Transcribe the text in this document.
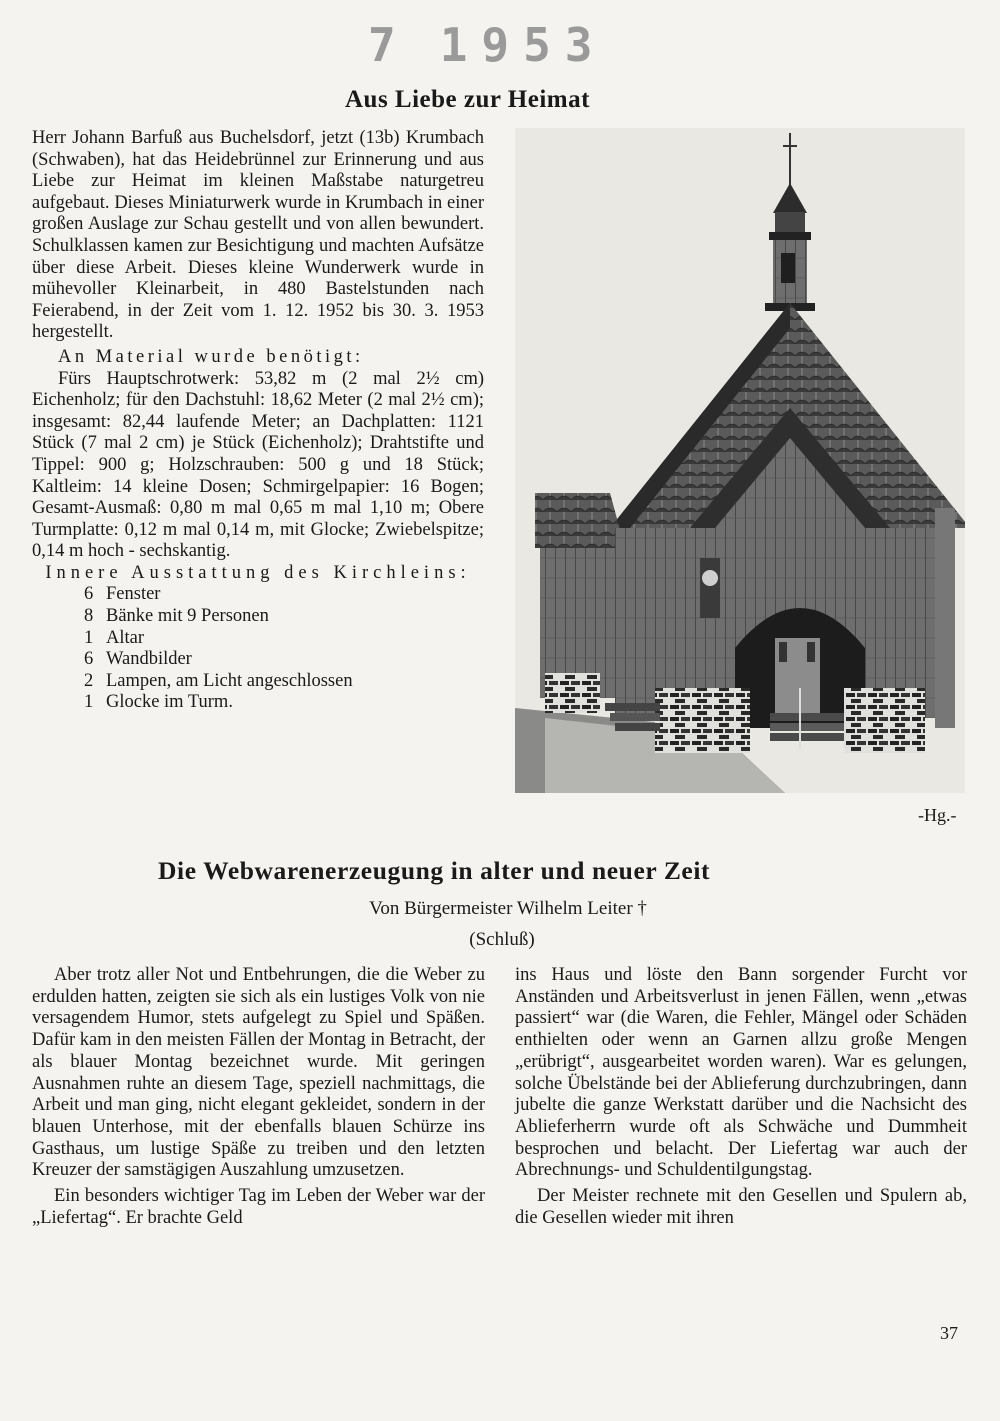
7 1953
Aus Liebe zur Heimat

Herr Johann Barfuß aus Buchelsdorf, jetzt (13b) Krumbach (Schwaben), hat das Heidebrünnel zur Erinnerung und aus Liebe zur Heimat im kleinen Maßstabe naturgetreu aufgebaut. Dieses Miniaturwerk wurde in Krumbach in einer großen Auslage zur Schau gestellt und von allen bewundert. Schulklassen kamen zur Besichtigung und machten Aufsätze über diese Arbeit. Dieses kleine Wunderwerk wurde in mühevoller Kleinarbeit, in 480 Bastelstunden nach Feierabend, in der Zeit vom 1. 12. 1952 bis 30. 3. 1953 hergestellt.

An Material wurde benötigt:

Fürs Hauptschrotwerk: 53,82 m (2 mal 2½ cm) Eichenholz; für den Dachstuhl: 18,62 Meter (2 mal 2½ cm); insgesamt: 82,44 laufende Meter; an Dachplatten: 1121 Stück (7 mal 2 cm) je Stück (Eichenholz); Drahtstifte und Tippel: 900 g; Holzschrauben: 500 g und 18 Stück; Kaltleim: 14 kleine Dosen; Schmirgelpapier: 16 Bogen; Gesamt-Ausmaß: 0,80 m mal 0,65 m mal 1,10 m; Obere Turmplatte: 0,12 m mal 0,14 m, mit Glocke; Zwiebelspitze; 0,14 m hoch - sechskantig.

Innere Ausstattung des Kirchleins:

6 Fenster
8 Bänke mit 9 Personen
1 Altar
6 Wandbilder
2 Lampen, am Licht angeschlossen
1 Glocke im Turm.
-Hg.-
Die Webwarenerzeugung in alter und neuer Zeit
Von Bürgermeister Wilhelm Leiter †
(Schluß)

Aber trotz aller Not und Entbehrungen, die die Weber zu erdulden hatten, zeigten sie sich als ein lustiges Volk von nie versagendem Humor, stets aufgelegt zu Spiel und Späßen. Dafür kam in den meisten Fällen der Montag in Betracht, der als blauer Montag bezeichnet wurde. Mit geringen Ausnahmen ruhte an diesem Tage, speziell nachmittags, die Arbeit und man ging, nicht elegant gekleidet, sondern in der blauen Unterhose, mit der ebenfalls blauen Schürze ins Gasthaus, um lustige Späße zu treiben und den letzten Kreuzer der samstägigen Auszahlung umzusetzen.

Ein besonders wichtiger Tag im Leben der Weber war der „Liefertag“. Er brachte Geld

ins Haus und löste den Bann sorgender Furcht vor Anständen und Arbeitsverlust in jenen Fällen, wenn „etwas passiert“ war (die Waren, die Fehler, Mängel oder Schäden enthielten oder wenn an Garnen allzu große Mengen „erübrigt“, ausgearbeitet worden waren). War es gelungen, solche Übelstände bei der Ablieferung durchzubringen, dann jubelte die ganze Werkstatt darüber und die Nachsicht des Ablieferherrn wurde oft als Schwäche und Dummheit besprochen und belacht. Der Liefertag war auch der Abrechnungs- und Schuldentilgungstag.

Der Meister rechnete mit den Gesellen und Spulern ab, die Gesellen wieder mit ihren

37
